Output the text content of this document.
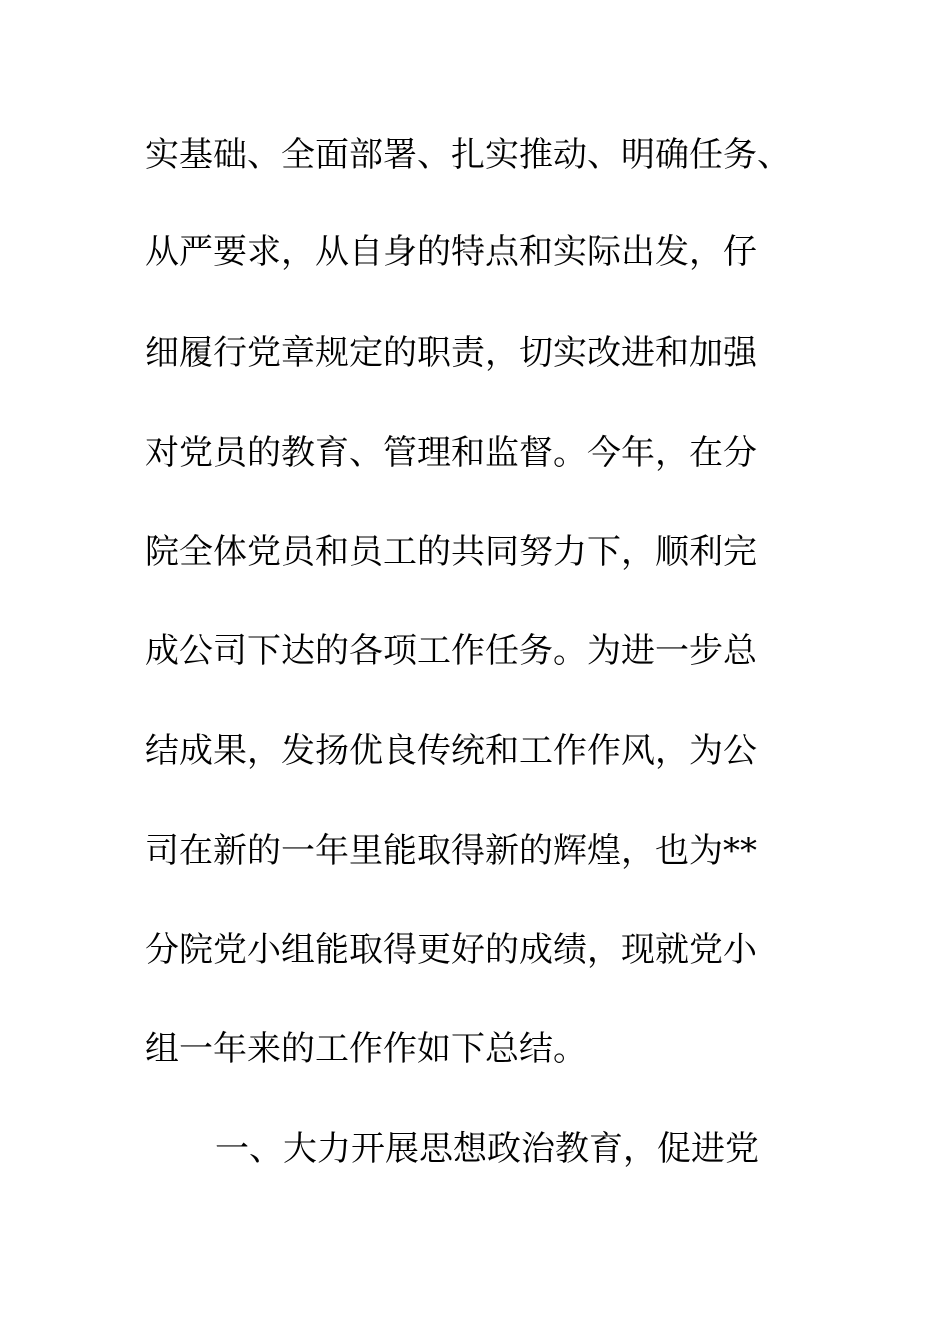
实基础、全面部署、扎实推动、明确任务、
从严要求，从自身的特点和实际出发，仔
细履行党章规定的职责，切实改进和加强
对党员的教育、管理和监督。今年，在分
院全体党员和员工的共同努力下，顺利完
成公司下达的各项工作任务。为进一步总
结成果，发扬优良传统和工作作风，为公
司在新的一年里能取得新的辉煌，也为**
分院党小组能取得更好的成绩，现就党小
组一年来的工作作如下总结。
一、大力开展思想政治教育，促进党
